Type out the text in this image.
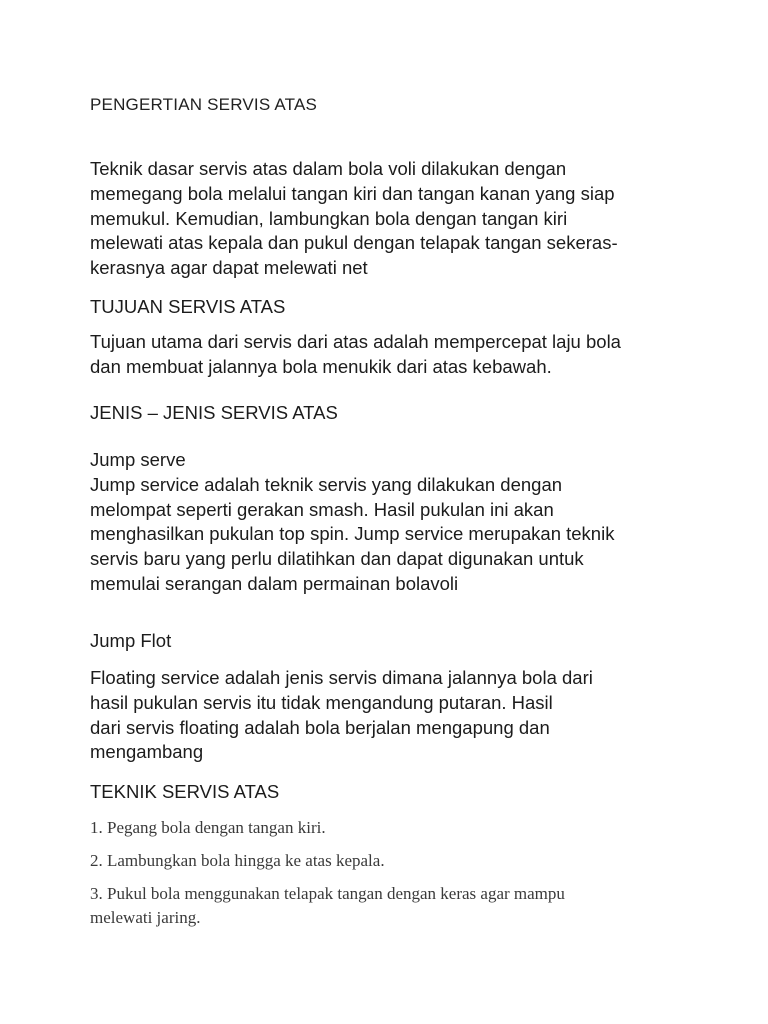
PENGERTIAN SERVIS ATAS
Teknik dasar servis atas dalam bola voli dilakukan dengan
memegang bola melalui tangan kiri dan tangan kanan yang siap
memukul. Kemudian, lambungkan bola dengan tangan kiri
melewati atas kepala dan pukul dengan telapak tangan sekeras-
kerasnya agar dapat melewati net
TUJUAN SERVIS ATAS
Tujuan utama dari servis dari atas adalah mempercepat laju bola
dan membuat jalannya bola menukik dari atas kebawah.
JENIS – JENIS SERVIS ATAS
Jump serve
Jump service adalah teknik servis yang dilakukan dengan
melompat seperti gerakan smash. Hasil pukulan ini akan
menghasilkan pukulan top spin. Jump service merupakan teknik
servis baru yang perlu dilatihkan dan dapat digunakan untuk
memulai serangan dalam permainan bolavoli
Jump Flot
Floating service adalah jenis servis dimana jalannya bola dari
hasil pukulan servis itu tidak mengandung putaran. Hasil
dari servis floating adalah bola berjalan mengapung dan
mengambang
TEKNIK SERVIS ATAS
1. Pegang bola dengan tangan kiri.
2. Lambungkan bola hingga ke atas kepala.
3. Pukul bola menggunakan telapak tangan dengan keras agar mampu
melewati jaring.
